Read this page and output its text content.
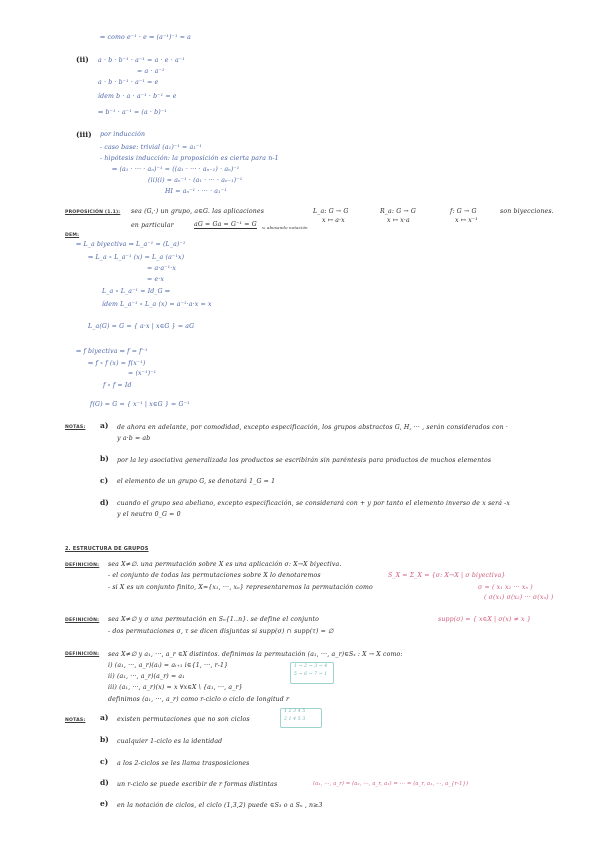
⇒ como e⁻¹ · e ⇒ (a⁻¹)⁻¹ = a
(ii) a · b · b⁻¹ · a⁻¹ = a · e · a⁻¹
= a · a⁻¹
a · b · b⁻¹ · a⁻¹ = e
ídem b · a · a⁻¹ · b⁻¹ = e
⇒ b⁻¹ · a⁻¹ = (a · b)⁻¹
(iii) por inducción
- caso base: trivial (a₁)⁻¹ = a₁⁻¹
- hipótesis inducción: la proposición es cierta para n-1
⇒ (a₁ · ··· · aₙ)⁻¹ = ((a₁ · ··· · aₙ₋₁) · aₙ)⁻¹
(ii)(i) = aₙ⁻¹ · (a₁ · ··· · aₙ₋₁)⁻¹
HI = aₙ⁻¹ · ··· · a₁⁻¹
PROPOSICIÓN (1.1): sea (G,·) un grupo, a∈G. las aplicaciones	L_a: G → G
x ↦ a·x
R_a: G → G
x ↦ x·a
f: G → G
x ↦ x⁻¹
son biyecciones.
en particular	aG = Ga = G⁻¹ = G ⇐ abusando notación
DEM:
⇒ L_a biyectiva ⇒ L_a⁻¹ = (L_a)⁻¹
⇒ L_a ∘ L_a⁻¹ (x) = L_a (a⁻¹x)
= a·a⁻¹·x
= e·x
L_a ∘ L_a⁻¹ = Id_G ⇒
ídem L_a⁻¹ ∘ L_a (x) = a⁻¹·a·x = x
L_a(G) = G = { a·x | x∈G } = aG
⇒ f biyectiva ⇒ f = f⁻¹
⇒ f ∘ f (x) = f(x⁻¹)
= (x⁻¹)⁻¹
f ∘ f = Id
f(G) = G = { x⁻¹ | x∈G } = G⁻¹
NOTAS: a) de ahora en adelante, por comodidad, excepto especificación, los grupos abstractos G, H, ··· , serán considerados con ·
y a·b = ab
b) por la ley asociativa generalizada los productos se escribirán sin paréntesis para productos de muchos elementos
c) el elemento de un grupo G, se denotará 1_G = 1
d) cuando el grupo sea abeliano, excepto especificación, se considerará con + y por tanto el elemento inverso de x será -x
y el neutro 0_G = 0
2. ESTRUCTURA DE GRUPOS
DEFINICIÓN: sea X≠∅. una permutación sobre X es una aplicación σ: X→X biyectiva.
- el conjunto de todas las permutaciones sobre X lo denotaremos	S_X = Σ_X = {σ: X→X | σ biyectiva}
- si X es un conjunto finito, X={x₁, ···, xₙ} representaremos la permutación como	σ = ( x₁ x₂ ··· xₙ )
( σ(x₁) σ(x₂) ··· σ(xₙ) )
DEFINICIÓN: sea X≠∅ y σ una permutación en Sₙ{1..n}. se define el conjunto	supp(σ) = { x∈X | σ(x) ≠ x }
- dos permutaciones σ, τ se dicen disjuntas si supp(σ) ∩ supp(τ) = ∅
DEFINICIÓN: sea X≠∅ y a₁, ···, a_r ∈X distintos. definimos la permutación (a₁, ···, a_r)∈Sₓ : X → X como:
i) (a₁, ···, a_r)(aᵢ) = aᵢ₊₁ i∈{1, ···, r-1}
ii) (a₁, ···, a_r)(a_r) = a₁
iii) (a₁, ···, a_r)(x) = x ∀x∈X \ {a₁, ···, a_r}
definimos (a₁, ···, a_r) como r-ciclo o ciclo de longitud r
1 → 2 → 3 → 4
5 → 6 → 7 → 1
NOTAS: a) existen permutaciones que no son ciclos
1 2 3 4 5
2 1 4 5 3
b) cualquier 1-ciclo es la identidad
c) a los 2-ciclos se les llama trasposiciones
d) un r-ciclo se puede escribir de r formas distintas	(a₁, ···, a_r) = (a₂, ···, a_r, a₁) = ··· = (a_r, a₁, ···, a_{r-1})
e) en la notación de ciclos, el ciclo (1,3,2) puede ∈S₃ o a Sₙ , n≥3
